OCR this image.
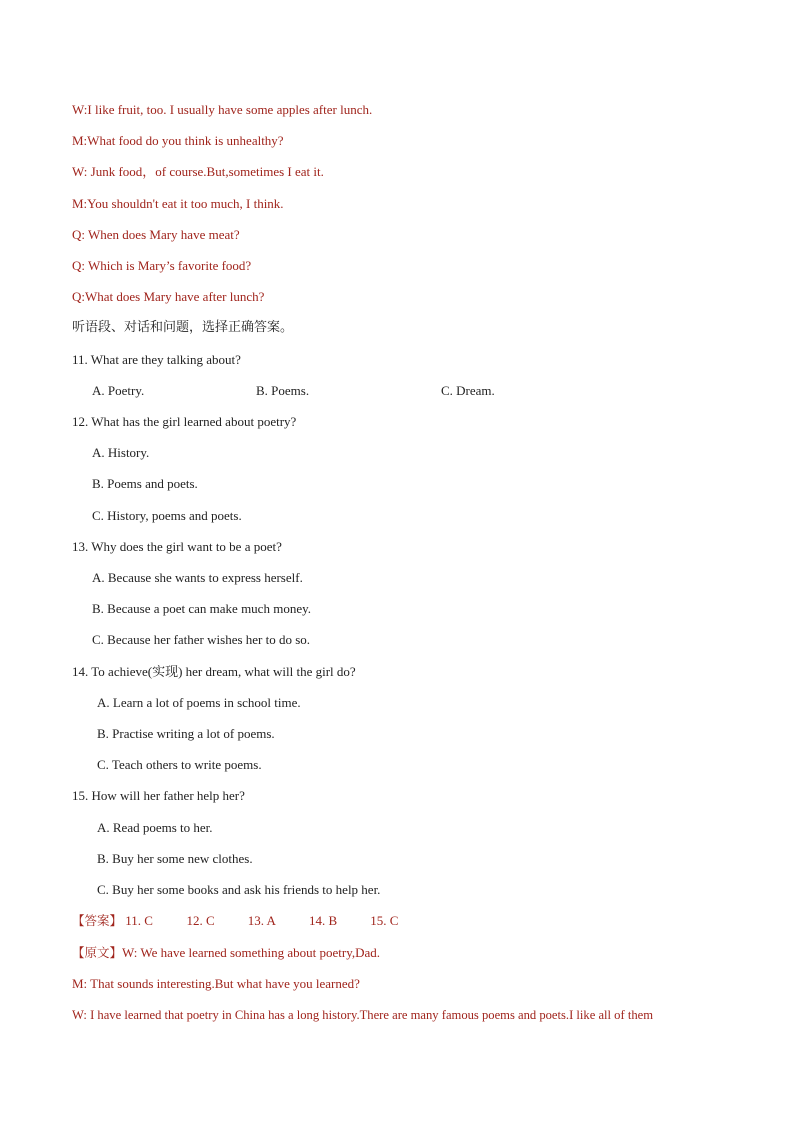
W:I like fruit, too. I usually have some apples after lunch.
M:What food do you think is unhealthy?
W: Junk food，of course.But,sometimes I eat it.
M:You shouldn't eat it too much, I think.
Q: When does Mary have meat?
Q: Which is Mary’s favorite food?
Q:What does Mary have after lunch?
听语段、对话和问题，选择正确答案。
11. What are they talking about?
A. Poetry.	B. Poems.	C. Dream.
12. What has the girl learned about poetry?
A. History.
B. Poems and poets.
C. History, poems and poets.
13. Why does the girl want to be a poet?
A. Because she wants to express herself.
B. Because a poet can make much money.
C. Because her father wishes her to do so.
14. To achieve(实现) her dream, what will the girl do?
A. Learn a lot of poems in school time.
B. Practise writing a lot of poems.
C. Teach others to write poems.
15. How will her father help her?
A. Read poems to her.
B. Buy her some new clothes.
C. Buy her some books and ask his friends to help her.
【答案】 11. C	12. C	13. A	14. B	15. C
【原文】W: We have learned something about poetry,Dad.
M: That sounds interesting.But what have you learned?
W: I have learned that poetry in China has a long history.There are many famous poems and poets.I like all of them
